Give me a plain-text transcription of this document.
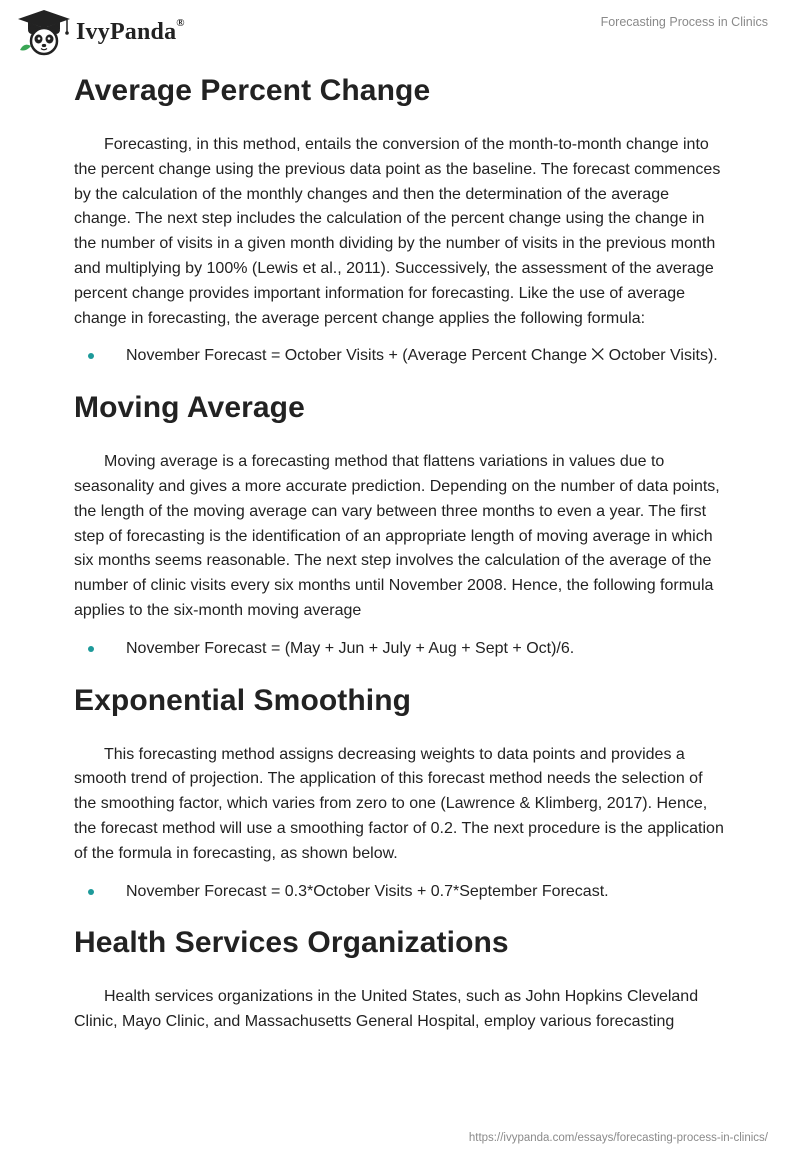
IvyPanda®	Forecasting Process in Clinics
Average Percent Change

Forecasting, in this method, entails the conversion of the month-to-month change into the percent change using the previous data point as the baseline. The forecast commences by the calculation of the monthly changes and then the determination of the average change. The next step includes the calculation of the percent change using the change in the number of visits in a given month dividing by the number of visits in the previous month and multiplying by 100% (Lewis et al., 2011). Successively, the assessment of the average percent change provides important information for forecasting. Like the use of average change in forecasting, the average percent change applies the following formula:

November Forecast = October Visits + (Average Percent Change ⨉ October Visits).
Moving Average

Moving average is a forecasting method that flattens variations in values due to seasonality and gives a more accurate prediction. Depending on the number of data points, the length of the moving average can vary between three months to even a year. The first step of forecasting is the identification of an appropriate length of moving average in which six months seems reasonable. The next step involves the calculation of the average of the number of clinic visits every six months until November 2008. Hence, the following formula applies to the six-month moving average

November Forecast = (May + Jun + July + Aug + Sept + Oct)/6.
Exponential Smoothing

This forecasting method assigns decreasing weights to data points and provides a smooth trend of projection. The application of this forecast method needs the selection of the smoothing factor, which varies from zero to one (Lawrence & Klimberg, 2017). Hence, the forecast method will use a smoothing factor of 0.2. The next procedure is the application of the formula in forecasting, as shown below.

November Forecast = 0.3*October Visits + 0.7*September Forecast.
Health Services Organizations

Health services organizations in the United States, such as John Hopkins Cleveland Clinic, Mayo Clinic, and Massachusetts General Hospital, employ various forecasting

https://ivypanda.com/essays/forecasting-process-in-clinics/
